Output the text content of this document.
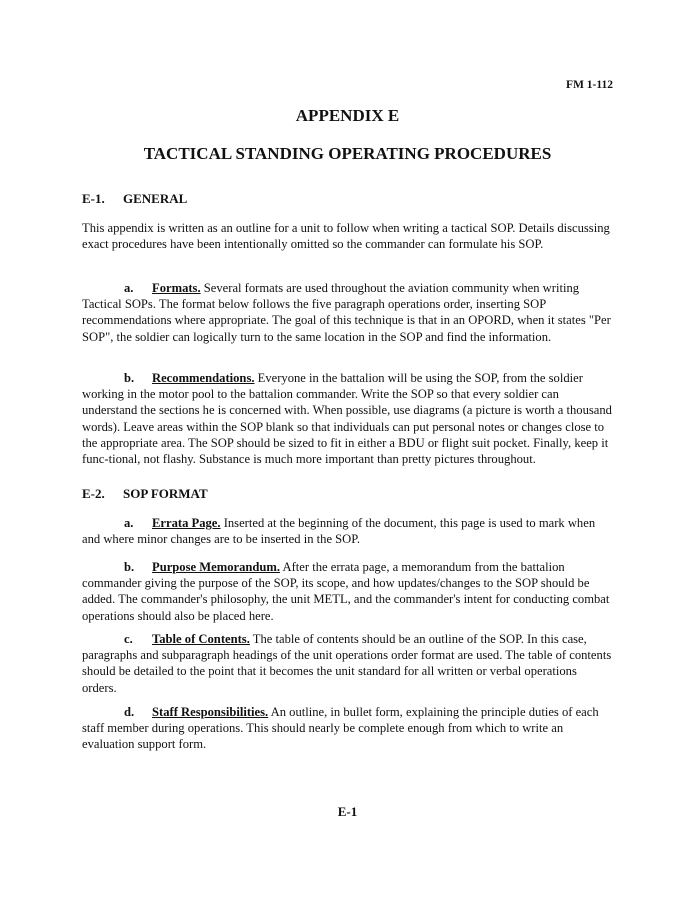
FM 1-112
APPENDIX E
TACTICAL STANDING OPERATING PROCEDURES
E-1. GENERAL

This appendix is written as an outline for a unit to follow when writing a tactical SOP. Details discussing exact procedures have been intentionally omitted so the commander can formulate his SOP.

a. Formats. Several formats are used throughout the aviation community when writing Tactical SOPs. The format below follows the five paragraph operations order, inserting SOP recommendations where appropriate. The goal of this technique is that in an OPORD, when it states "Per SOP", the soldier can logically turn to the same location in the SOP and find the information.

b. Recommendations. Everyone in the battalion will be using the SOP, from the soldier working in the motor pool to the battalion commander. Write the SOP so that every soldier can understand the sections he is concerned with. When possible, use diagrams (a picture is worth a thousand words). Leave areas within the SOP blank so that individuals can put personal notes or changes close to the appropriate area. The SOP should be sized to fit in either a BDU or flight suit pocket. Finally, keep it func-tional, not flashy. Substance is much more important than pretty pictures throughout.

E-2. SOP FORMAT

a. Errata Page. Inserted at the beginning of the document, this page is used to mark when and where minor changes are to be inserted in the SOP.

b. Purpose Memorandum. After the errata page, a memorandum from the battalion commander giving the purpose of the SOP, its scope, and how updates/changes to the SOP should be added. The commander's philosophy, the unit METL, and the commander's intent for conducting combat operations should also be placed here.

c. Table of Contents. The table of contents should be an outline of the SOP. In this case, paragraphs and subparagraph headings of the unit operations order format are used. The table of contents should be detailed to the point that it becomes the unit standard for all written or verbal operations orders.

d. Staff Responsibilities. An outline, in bullet form, explaining the principle duties of each staff member during operations. This should nearly be complete enough from which to write an evaluation support form.

E-1
